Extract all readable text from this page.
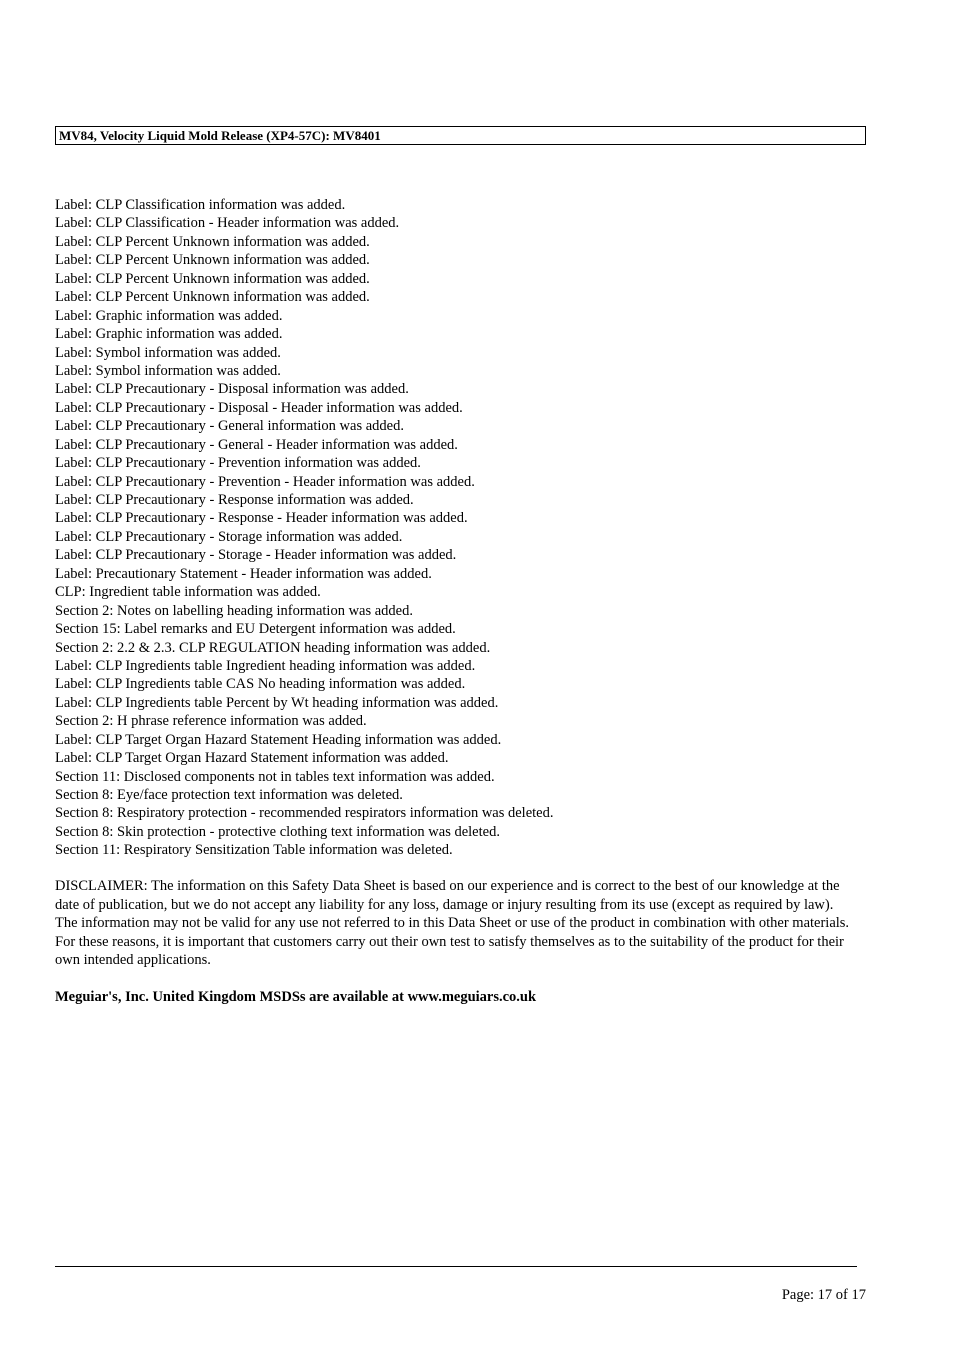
MV84, Velocity Liquid Mold Release (XP4-57C): MV8401
Label: CLP Classification information was added.
Label: CLP Classification - Header information was added.
Label: CLP Percent Unknown information was added.
Label: CLP Percent Unknown information was added.
Label: CLP Percent Unknown information was added.
Label: CLP Percent Unknown information was added.
Label: Graphic information was added.
Label: Graphic information was added.
Label: Symbol information was added.
Label: Symbol information was added.
Label: CLP Precautionary - Disposal information was added.
Label: CLP Precautionary - Disposal - Header information was added.
Label: CLP Precautionary - General information was added.
Label: CLP Precautionary - General - Header information was added.
Label: CLP Precautionary - Prevention information was added.
Label: CLP Precautionary - Prevention - Header information was added.
Label: CLP Precautionary - Response information was added.
Label: CLP Precautionary - Response - Header information was added.
Label: CLP Precautionary - Storage information was added.
Label: CLP Precautionary - Storage - Header information was added.
Label: Precautionary Statement - Header information was added.
CLP: Ingredient table information was added.
Section 2: Notes on labelling heading information was added.
Section 15: Label remarks and EU Detergent information was added.
Section 2: 2.2 & 2.3. CLP REGULATION heading information was added.
Label: CLP Ingredients table Ingredient heading information was added.
Label: CLP Ingredients table CAS No heading information was added.
Label: CLP Ingredients table Percent by Wt heading information was added.
Section 2: H phrase reference information was added.
Label: CLP Target Organ Hazard Statement Heading information was added.
Label: CLP Target Organ Hazard Statement information was added.
Section 11: Disclosed components not in tables text information was added.
Section 8: Eye/face protection text information was deleted.
Section 8: Respiratory protection - recommended respirators information was deleted.
Section 8: Skin protection - protective clothing text information was deleted.
Section 11: Respiratory Sensitization Table information was deleted.
DISCLAIMER: The information on this Safety Data Sheet is based on our experience and is correct to the best of our knowledge at the date of publication, but we do not accept any liability for any loss, damage or injury resulting from its use (except as required by law). The information may not be valid for any use not referred to in this Data Sheet or use of the product in combination with other materials. For these reasons, it is important that customers carry out their own test to satisfy themselves as to the suitability of the product for their own intended applications.
Meguiar's, Inc. United Kingdom MSDSs are available at www.meguiars.co.uk
Page: 17 of 17
